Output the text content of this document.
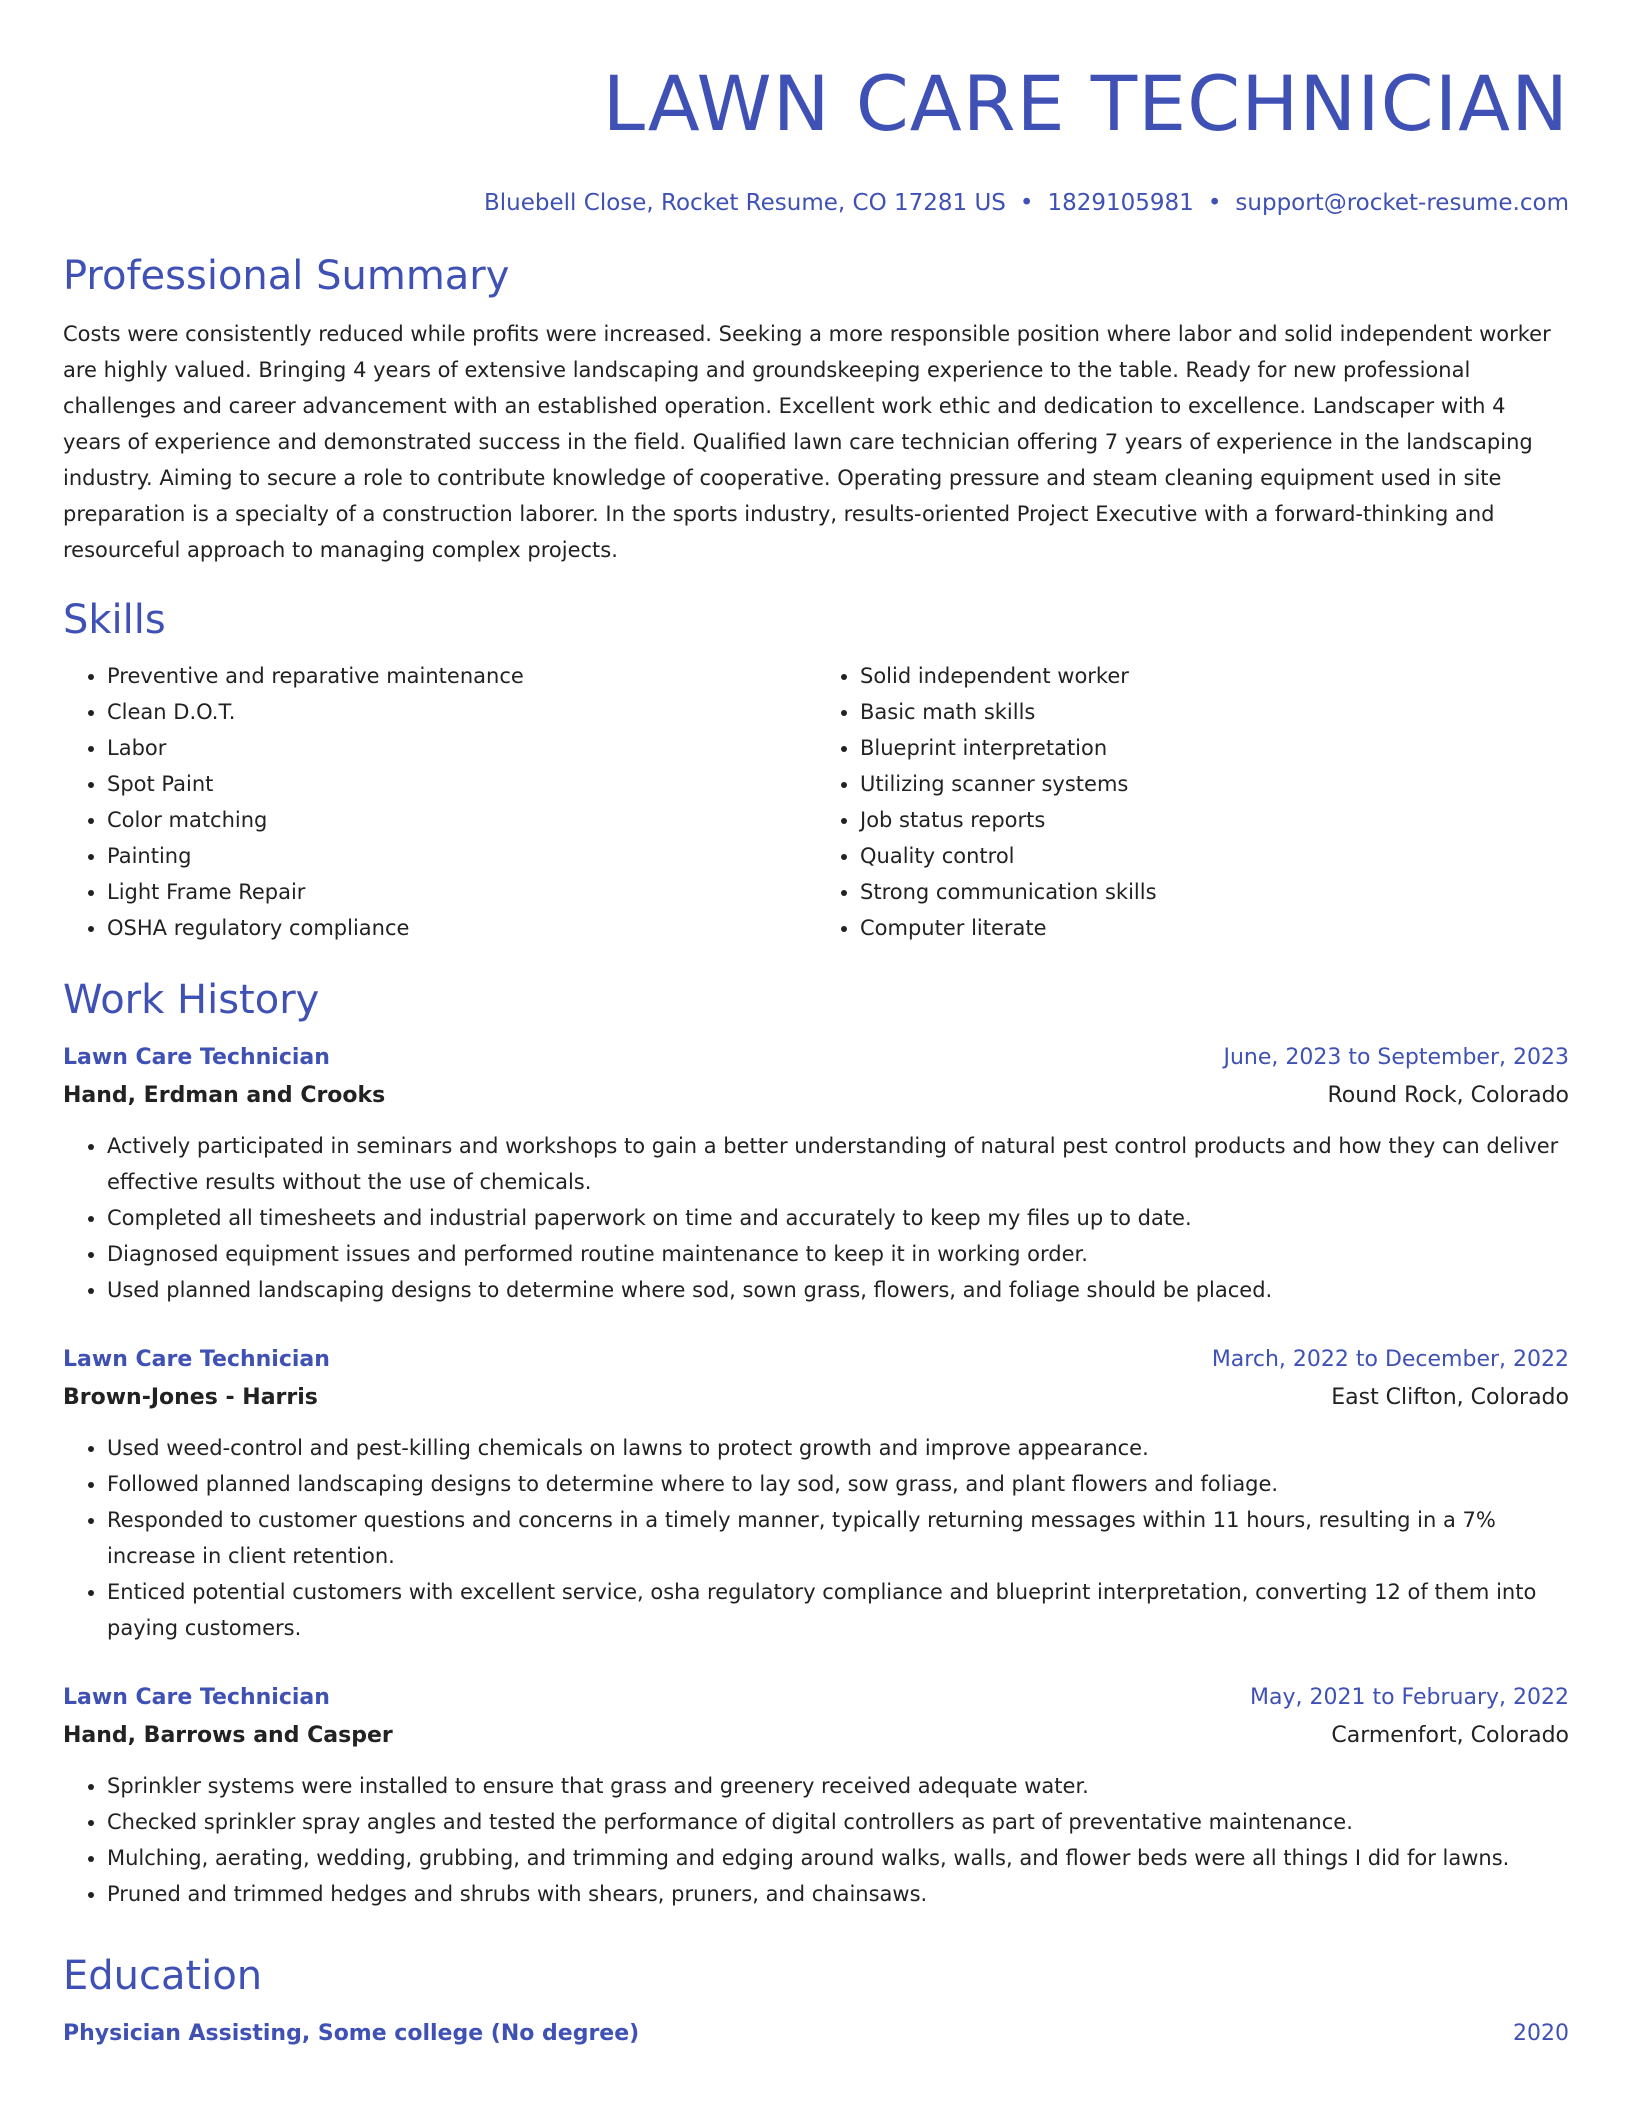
LAWN CARE TECHNICIAN
Bluebell Close, Rocket Resume, CO 17281 US • 1829105981 • support@rocket-resume.com
Professional Summary
Costs were consistently reduced while profits were increased. Seeking a more responsible position where labor and solid independent worker are highly valued. Bringing 4 years of extensive landscaping and groundskeeping experience to the table. Ready for new professional challenges and career advancement with an established operation. Excellent work ethic and dedication to excellence. Landscaper with 4 years of experience and demonstrated success in the field. Qualified lawn care technician offering 7 years of experience in the landscaping industry. Aiming to secure a role to contribute knowledge of cooperative. Operating pressure and steam cleaning equipment used in site preparation is a specialty of a construction laborer. In the sports industry, results-oriented Project Executive with a forward-thinking and resourceful approach to managing complex projects.
Skills
• Preventive and reparative maintenance
• Clean D.O.T.
• Labor
• Spot Paint
• Color matching
• Painting
• Light Frame Repair
• OSHA regulatory compliance
• Solid independent worker
• Basic math skills
• Blueprint interpretation
• Utilizing scanner systems
• Job status reports
• Quality control
• Strong communication skills
• Computer literate
Work History
Lawn Care Technician	June, 2023 to September, 2023
Hand, Erdman and Crooks	Round Rock, Colorado
• Actively participated in seminars and workshops to gain a better understanding of natural pest control products and how they can deliver effective results without the use of chemicals.
• Completed all timesheets and industrial paperwork on time and accurately to keep my files up to date.
• Diagnosed equipment issues and performed routine maintenance to keep it in working order.
• Used planned landscaping designs to determine where sod, sown grass, flowers, and foliage should be placed.
Lawn Care Technician	March, 2022 to December, 2022
Brown-Jones - Harris	East Clifton, Colorado
• Used weed-control and pest-killing chemicals on lawns to protect growth and improve appearance.
• Followed planned landscaping designs to determine where to lay sod, sow grass, and plant flowers and foliage.
• Responded to customer questions and concerns in a timely manner, typically returning messages within 11 hours, resulting in a 7% increase in client retention.
• Enticed potential customers with excellent service, osha regulatory compliance and blueprint interpretation, converting 12 of them into paying customers.
Lawn Care Technician	May, 2021 to February, 2022
Hand, Barrows and Casper	Carmenfort, Colorado
• Sprinkler systems were installed to ensure that grass and greenery received adequate water.
• Checked sprinkler spray angles and tested the performance of digital controllers as part of preventative maintenance.
• Mulching, aerating, wedding, grubbing, and trimming and edging around walks, walls, and flower beds were all things I did for lawns.
• Pruned and trimmed hedges and shrubs with shears, pruners, and chainsaws.
Education
Physician Assisting, Some college (No degree)	2020
